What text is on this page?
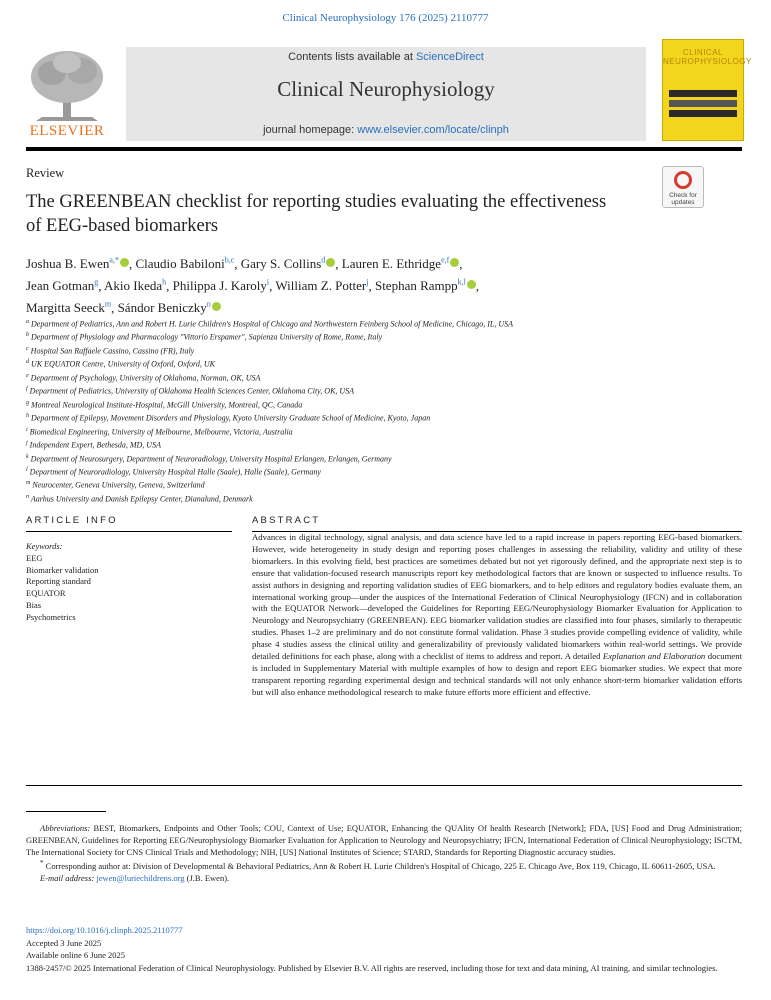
Clinical Neurophysiology 176 (2025) 2110777
ELSEVIER
Contents lists available at ScienceDirect
Clinical Neurophysiology
journal homepage: www.elsevier.com/locate/clinph
CLINICAL NEUROPHYSIOLOGY
Review
The GREENBEAN checklist for reporting studies evaluating the effectiveness of EEG-based biomarkers
Check for updates
Joshua B. Ewen$^{a,*}$ , Claudio Babiloni$^{b,c}$, Gary S. Collins$^d$ , Lauren E. Ethridge$^{e,f}$ ,
Jean Gotman$^g$, Akio Ikeda$^h$, Philippa J. Karoly$^i$, William Z. Potter$^j$, Stephan Rampp$^{k,l}$ ,
Margitta Seeck$^m$, Sándor Beniczky$^n$
$^a$ Department of Pediatrics, Ann and Robert H. Lurie Children's Hospital of Chicago and Northwestern Feinberg School of Medicine, Chicago, IL, USA
$^b$ Department of Physiology and Pharmacology "Vittorio Erspamer", Sapienza University of Rome, Rome, Italy
$^c$ Hospital San Raffaele Cassino, Cassino (FR), Italy
$^d$ UK EQUATOR Centre, University of Oxford, Oxford, UK
$^e$ Department of Psychology, University of Oklahoma, Norman, OK, USA
$^f$ Department of Pediatrics, University of Oklahoma Health Sciences Center, Oklahoma City, OK, USA
$^g$ Montreal Neurological Institute-Hospital, McGill University, Montreal, QC, Canada
$^h$ Department of Epilepsy, Movement Disorders and Physiology, Kyoto University Graduate School of Medicine, Kyoto, Japan
$^i$ Biomedical Engineering, University of Melbourne, Melbourne, Victoria, Australia
$^j$ Independent Expert, Bethesda, MD, USA
$^k$ Department of Neurosurgery, Department of Neuroradiology, University Hospital Erlangen, Erlangen, Germany
$^l$ Department of Neuroradiology, University Hospital Halle (Saale), Halle (Saale), Germany
$^m$ Neurocenter, Geneva University, Geneva, Switzerland
$^n$ Aarhus University and Danish Epilepsy Center, Dianalund, Denmark
ARTICLE INFO	ABSTRACT
Keywords:
EEG
Biomarker validation
Reporting standard
EQUATOR
Bias
Psychometrics
Advances in digital technology, signal analysis, and data science have led to a rapid increase in papers reporting EEG-based biomarkers. However, wide heterogeneity in study design and reporting poses challenges in assessing the reliability, validity and utility of these biomarkers. In this evolving field, best practices are sometimes debated but not yet rigorously defined, and the appropriate next step is to ensure that validation-focused research manuscripts report key methodological factors that are known or suspected to influence results. To assist authors in designing and reporting validation studies of EEG biomarkers, and to help editors and regulatory bodies evaluate them, an international working group—under the auspices of the International Federation of Clinical Neurophysiology (IFCN) and in collaboration with the EQUATOR Network—developed the Guidelines for Reporting EEG/Neurophysiology Biomarker Evaluation for Application to Neurology and Neuropsychiatry (GREENBEAN). EEG biomarker validation studies are classified into four phases, similarly to therapeutic studies. Phases 1–2 are preliminary and do not constitute formal validation. Phase 3 studies provide compelling evidence of validity, while phase 4 studies assess the clinical utility and generalizability of previously validated biomarkers within real-world settings. We provide detailed definitions for each phase, along with a checklist of items to address and report. A detailed Explanation and Elaboration document is included in Supplementary Material with multiple examples of how to design and report EEG biomarker studies. We expect that more transparent reporting regarding experimental design and technical standards will not only enhance short-term biomarker validation efforts but will also enhance methodological research to make future efforts more efficient and effective.
Abbreviations: BEST, Biomarkers, Endpoints and Other Tools; COU, Context of Use; EQUATOR, Enhancing the QUAlity Of health Research [Network]; FDA, [US] Food and Drug Administration; GREENBEAN, Guidelines for Reporting EEG/Neurophysiology Biomarker Evaluation for Application to Neurology and Neuropsychiatry; IFCN, International Federation of Clinical Neurophysiology; ISCTM, The International Society for CNS Clinical Trials and Methodology; NIH, [US] National Institutes of Science; STARD, Standards for Reporting Diagnostic accuracy studies.
* Corresponding author at: Division of Developmental & Behavioral Pediatrics, Ann & Robert H. Lurie Children's Hospital of Chicago, 225 E. Chicago Ave, Box 119, Chicago, IL 60611-2605, USA.
E-mail address: jewen@luriechildrens.org (J.B. Ewen).
https://doi.org/10.1016/j.clinph.2025.2110777
Accepted 3 June 2025
Available online 6 June 2025
1388-2457/© 2025 International Federation of Clinical Neurophysiology. Published by Elsevier B.V. All rights are reserved, including those for text and data mining, AI training, and similar technologies.
